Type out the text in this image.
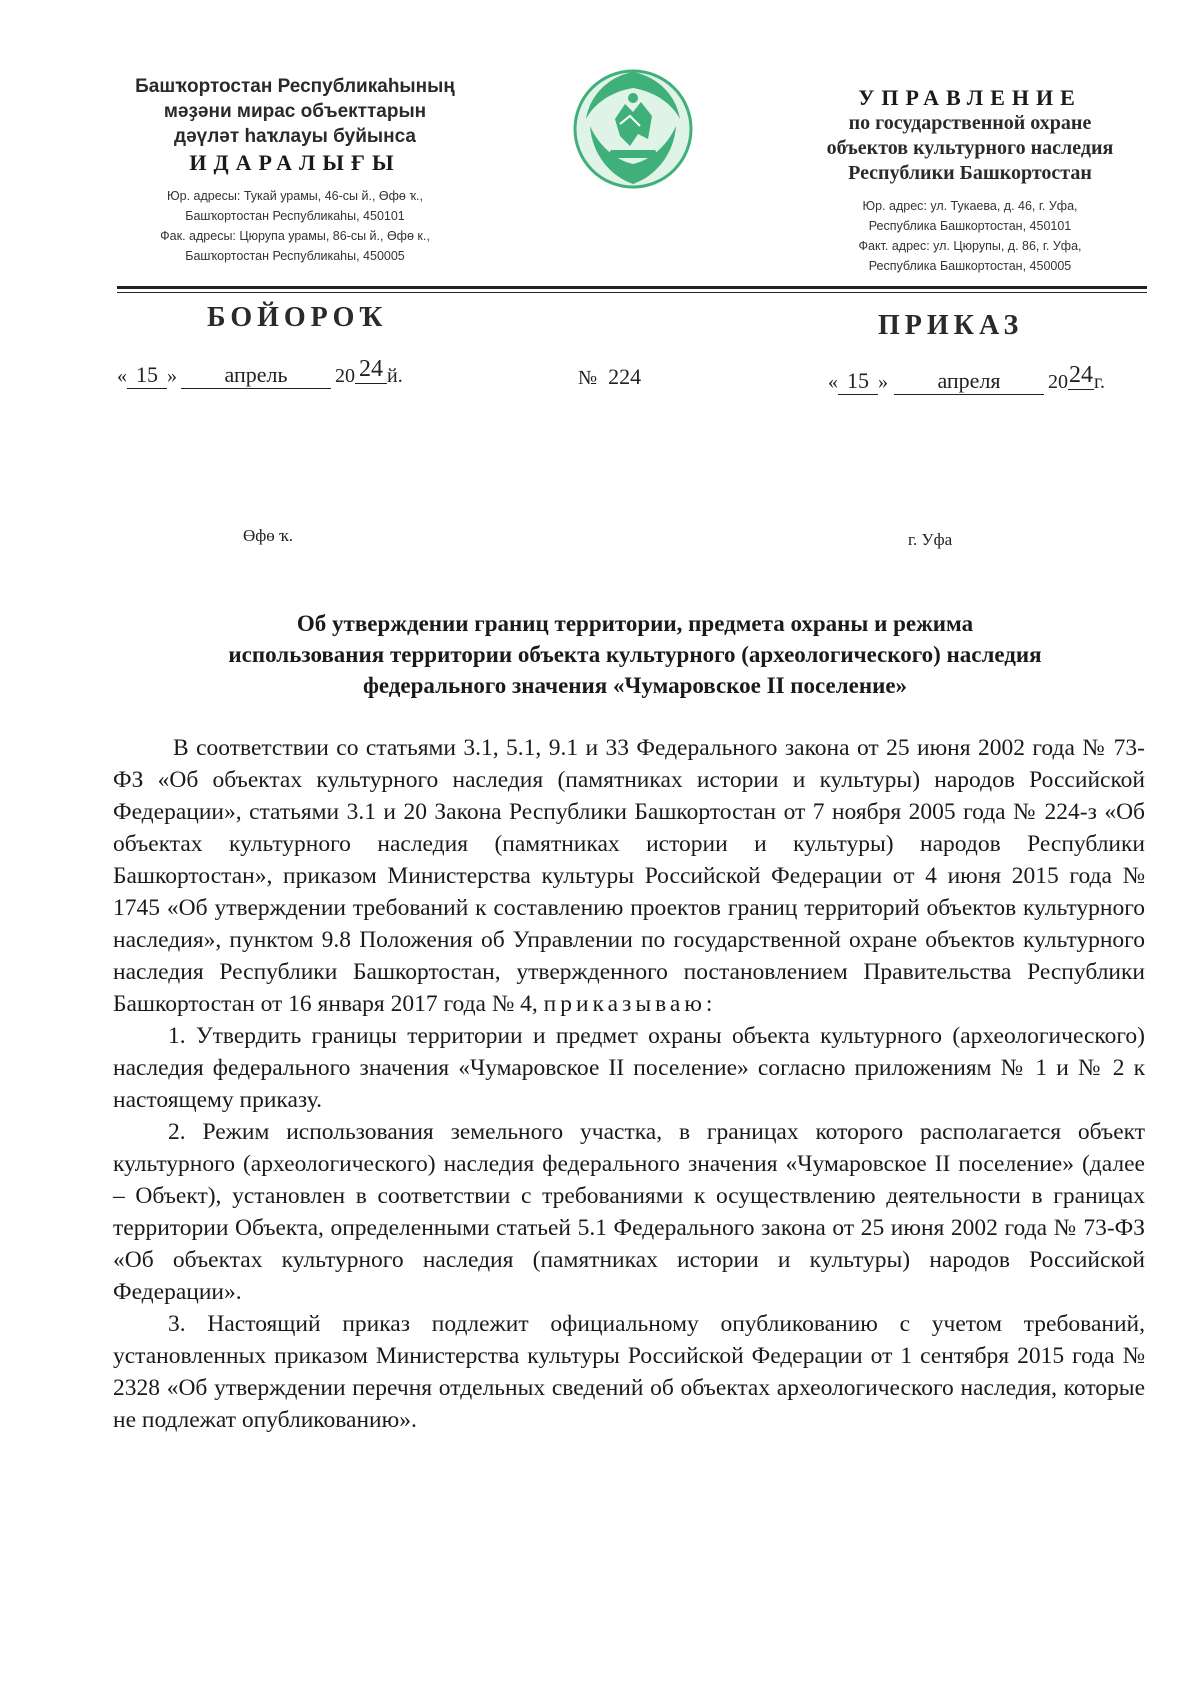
Башҡортостан Республикаһының
мәҙәни мирас объекттарын
дәүләт һаҡлауы буйынса
ИДАРАЛЫҒЫ
Юр. адресы: Тукай урамы, 46-сы й., Өфө ҡ.,
Башҡортостан Республикаһы, 450101
Фак. адресы: Цюрупа урамы, 86-сы й., Өфө к.,
Башҡортостан Республикаһы, 450005
УПРАВЛЕНИЕ
по государственной охране
объектов культурного наследия
Республики Башкортостан
Юр. адрес: ул. Тукаева, д. 46, г. Уфа,
Республика Башкортостан, 450101
Факт. адрес: ул. Цюрупы, д. 86, г. Уфа,
Республика Башкортостан, 450005
БОЙОРОҠ	ПРИКАЗ
« 15 » апрель 20 24 й.	№ 224	« 15 » апреля 2024г.
Өфө ҡ.	г. Уфа
Об утверждении границ территории, предмета охраны и режима
использования территории объекта культурного (археологического) наследия
федерального значения «Чумаровское II поселение»

В соответствии со статьями 3.1, 5.1, 9.1 и 33 Федерального закона от 25 июня 2002 года № 73-ФЗ «Об объектах культурного наследия (памятниках истории и культуры) народов Российской Федерации», статьями 3.1 и 20 Закона Республики Башкортостан от 7 ноября 2005 года № 224-з «Об объектах культурного наследия (памятниках истории и культуры) народов Республики Башкортостан», приказом Министерства культуры Российской Федерации от 4 июня 2015 года № 1745 «Об утверждении требований к составлению проектов границ территорий объектов культурного наследия», пунктом 9.8 Положения об Управлении по государственной охране объектов культурного наследия Республики Башкортостан, утвержденного постановлением Правительства Республики Башкортостан от 16 января 2017 года № 4, приказываю:

1. Утвердить границы территории и предмет охраны объекта культурного (археологического) наследия федерального значения «Чумаровское II поселение» согласно приложениям № 1 и № 2 к настоящему приказу.

2. Режим использования земельного участка, в границах которого располагается объект культурного (археологического) наследия федерального значения «Чумаровское II поселение» (далее – Объект), установлен в соответствии с требованиями к осуществлению деятельности в границах территории Объекта, определенными статьей 5.1 Федерального закона от 25 июня 2002 года № 73-ФЗ «Об объектах культурного наследия (памятниках истории и культуры) народов Российской Федерации».

3. Настоящий приказ подлежит официальному опубликованию с учетом требований, установленных приказом Министерства культуры Российской Федерации от 1 сентября 2015 года № 2328 «Об утверждении перечня отдельных сведений об объектах археологического наследия, которые не подлежат опубликованию».
